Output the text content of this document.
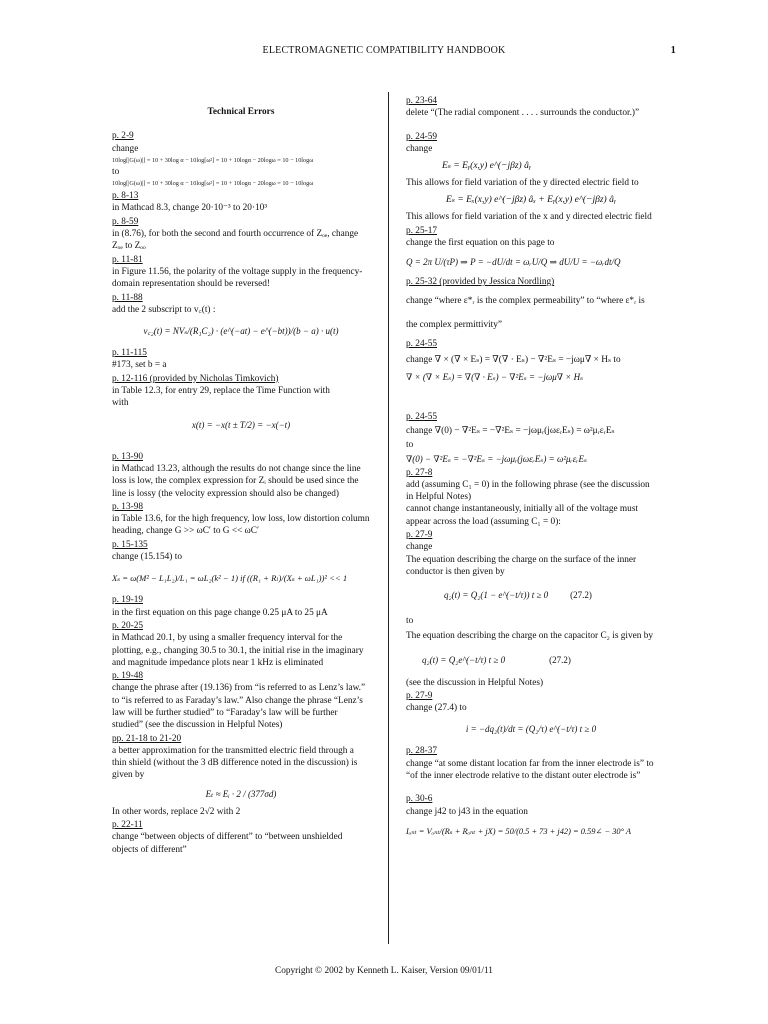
ELECTROMAGNETIC COMPATIBILITY HANDBOOK	1

Technical Errors

p. 2-9

change

10log[|G(ω)|] = 10 + 30log α − 10log[ω²] = 10 + 10logα − 20logω = 10 − 10logω

to

10log[|G(ω)|] = 10 + 30log α − 10log[ω²] = 10 + 10logα − 20logω = 10 − 10logω

p. 8-13

in Mathcad 8.3, change 20·10⁻³ to 20·10³

p. 8-59

in (8.76), for both the second and fourth occurrence of Zₒₑ, change Zₒₑ to Zₒₒ

p. 11-81

in Figure 11.56, the polarity of the voltage supply in the frequency-domain representation should be reversed!

p. 11-88

add the 2 subscript to v꜀(t) :

v꜀₂(t) = NVₛ/(R₁C₂) · (e^(−at) − e^(−bt))/(b − a) · u(t)

p. 11-115

#173, set b = a

p. 12-116 (provided by Nicholas Timkovich)

in Table 12.3, for entry 29, replace the Time Function with

with

x(t) = −x(t ± T/2) = −x(−t)

p. 13-90

in Mathcad 13.23, although the results do not change since the line loss is low, the complex expression for Zᵢ should be used since the line is lossy (the velocity expression should also be changed)

p. 13-98

in Table 13.6, for the high frequency, low loss, low distortion column heading, change G >> ωC′ to G << ωC′

p. 15-135

change (15.154) to

Xₛ = ω(M² − L₁L₂)/L₁ = ωL₂(k² − 1) if ((R₁ + Rₗ)/(Xₛ + ωL₁))² << 1

p. 19-19

in the first equation on this page change 0.25 μA to 25 μA

p. 20-25

in Mathcad 20.1, by using a smaller frequency interval for the plotting, e.g., changing 30.5 to 30.1, the initial rise in the imaginary and magnitude impedance plots near 1 kHz is eliminated

p. 19-48

change the phrase after (19.136) from “is referred to as Lenz’s law.” to “is referred to as Faraday’s law.” Also change the phrase “Lenz’s law will be further studied” to “Faraday’s law will be further studied” (see the discussion in Helpful Notes)

pp. 21-18 to 21-20

a better approximation for the transmitted electric field through a thin shield (without the 3 dB difference noted in the discussion) is given by

Eₜ ≈ Eᵢ · 2 / (377σd)

In other words, replace 2√2 with 2

p. 22-11

change “between objects of different” to “between unshielded objects of different”

p. 23-64

delete “(The radial component . . . . surrounds the conductor.)”

p. 24-59

change

Eₛ = Eᵧ(x,y) e^(−jβz) âᵧ

This allows for field variation of the y directed electric field to

Eₛ = Eₓ(x,y) e^(−jβz) âₓ + Eᵧ(x,y) e^(−jβz) âᵧ

This allows for field variation of the x and y directed electric field

p. 25-17

change the first equation on this page to

Q = 2π U/(τP) ⇒ P = −dU/dt = ωᵣU/Q ⇒ dU/U = −ωᵣdt/Q

p. 25-32 (provided by Jessica Nordling)

change “where ε*ᵣ is the complex permeability” to “where ε*ᵣ is the complex permittivity”

p. 24-55

change ∇ × (∇ × Eₛ) = ∇(∇ · Eₛ) − ∇²Eₛ = −jωμ∇ × Hₛ to

∇ × (∇ × Eₛ) = ∇(∇ · Eₛ) − ∇²Eₛ = −jωμ∇ × Hₛ

p. 24-55

change ∇(0) − ∇²Eₛ = −∇²Eₛ = −jωμᵣ(jωεᵣEₛ) = ω²μᵣεᵣEₛ

to

∇(0) − ∇²Eₛ = −∇²Eₛ = −jωμᵣ(jωεᵣEₛ) = ω²μᵣεᵣEₛ

p. 27-8

add (assuming C₁ = 0) in the following phrase (see the discussion in Helpful Notes)

cannot change instantaneously, initially all of the voltage must appear across the load (assuming C₁ = 0):

p. 27-9

change

The equation describing the charge on the surface of the inner conductor is then given by

q₂(t) = Q₂(1 − e^(−t/τ)) t ≥ 0 (27.2)

to

The equation describing the charge on the capacitor C₂ is given by

q₂(t) = Q₂e^(−t/τ) t ≥ 0	(27.2)

(see the discussion in Helpful Notes)

p. 27-9

change (27.4) to

i = −dq₂(t)/dt = (Q₂/τ) e^(−t/τ) t ≥ 0

p. 28-37

change “at some distant location far from the inner electrode is” to “of the inner electrode relative to the distant outer electrode is”

p. 30-6

change j42 to j43 in the equation

Iₐₙₜ = Vₐₙₜ/(Rₛ + Rₐₙₜ + jX) = 50/(0.5 + 73 + j42) = 0.59∠ − 30° A

Copyright © 2002 by Kenneth L. Kaiser, Version 09/01/11
